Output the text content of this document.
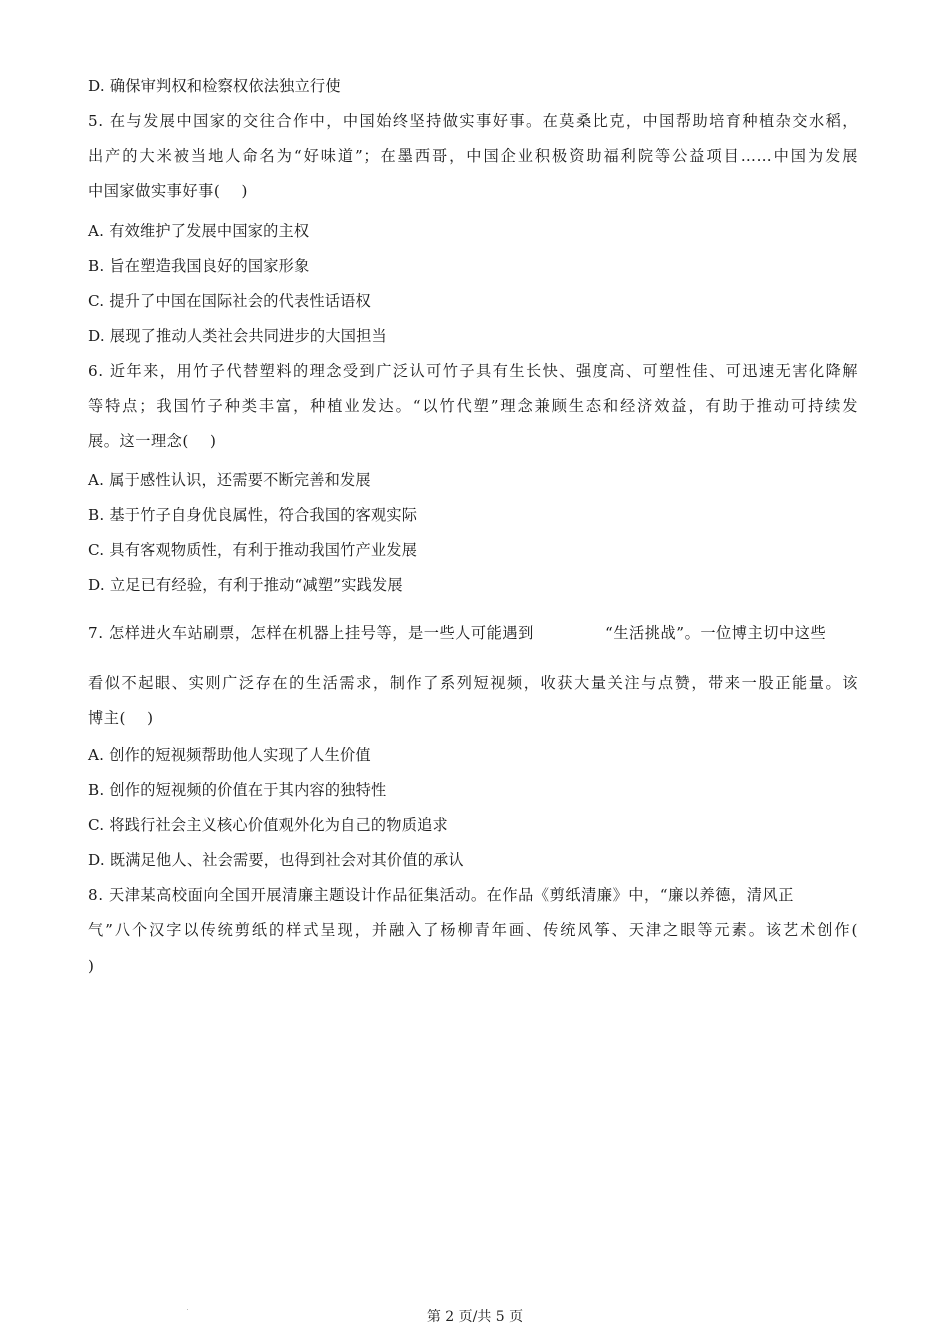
D. 确保审判权和检察权依法独立行使
5. 在与发展中国家的交往合作中，中国始终坚持做实事好事。在莫桑比克，中国帮助培育种植杂交水稻，
出产的大米被当地人命名为“好味道”；在墨西哥，中国企业积极资助福利院等公益项目……中国为发展
中国家做实事好事(　 )
A. 有效维护了发展中国家的主权
B. 旨在塑造我国良好的国家形象
C. 提升了中国在国际社会的代表性话语权
D. 展现了推动人类社会共同进步的大国担当
6. 近年来，用竹子代替塑料的理念受到广泛认可竹子具有生长快、强度高、可塑性佳、可迅速无害化降解
等特点；我国竹子种类丰富，种植业发达。“以竹代塑”理念兼顾生态和经济效益，有助于推动可持续发
展。这一理念(　 )
A. 属于感性认识，还需要不断完善和发展
B. 基于竹子自身优良属性，符合我国的客观实际
C. 具有客观物质性，有利于推动我国竹产业发展
D. 立足已有经验，有利于推动“减塑”实践发展
7. 怎样进火车站刷票，怎样在机器上挂号等，是一些人可能遇到	“生活挑战”。一位博主切中这些
看似不起眼、实则广泛存在的生活需求，制作了系列短视频，收获大量关注与点赞，带来一股正能量。该
博主(　 )
A. 创作的短视频帮助他人实现了人生价值
B. 创作的短视频的价值在于其内容的独特性
C. 将践行社会主义核心价值观外化为自己的物质追求
D. 既满足他人、社会需要，也得到社会对其价值的承认
8. 天津某高校面向全国开展清廉主题设计作品征集活动。在作品《剪纸清廉》中，“廉以养德，清风正
气”八个汉字以传统剪纸的样式呈现，并融入了杨柳青年画、传统风筝、天津之眼等元素。该艺术创作(
)
第 2 页/共 5 页
